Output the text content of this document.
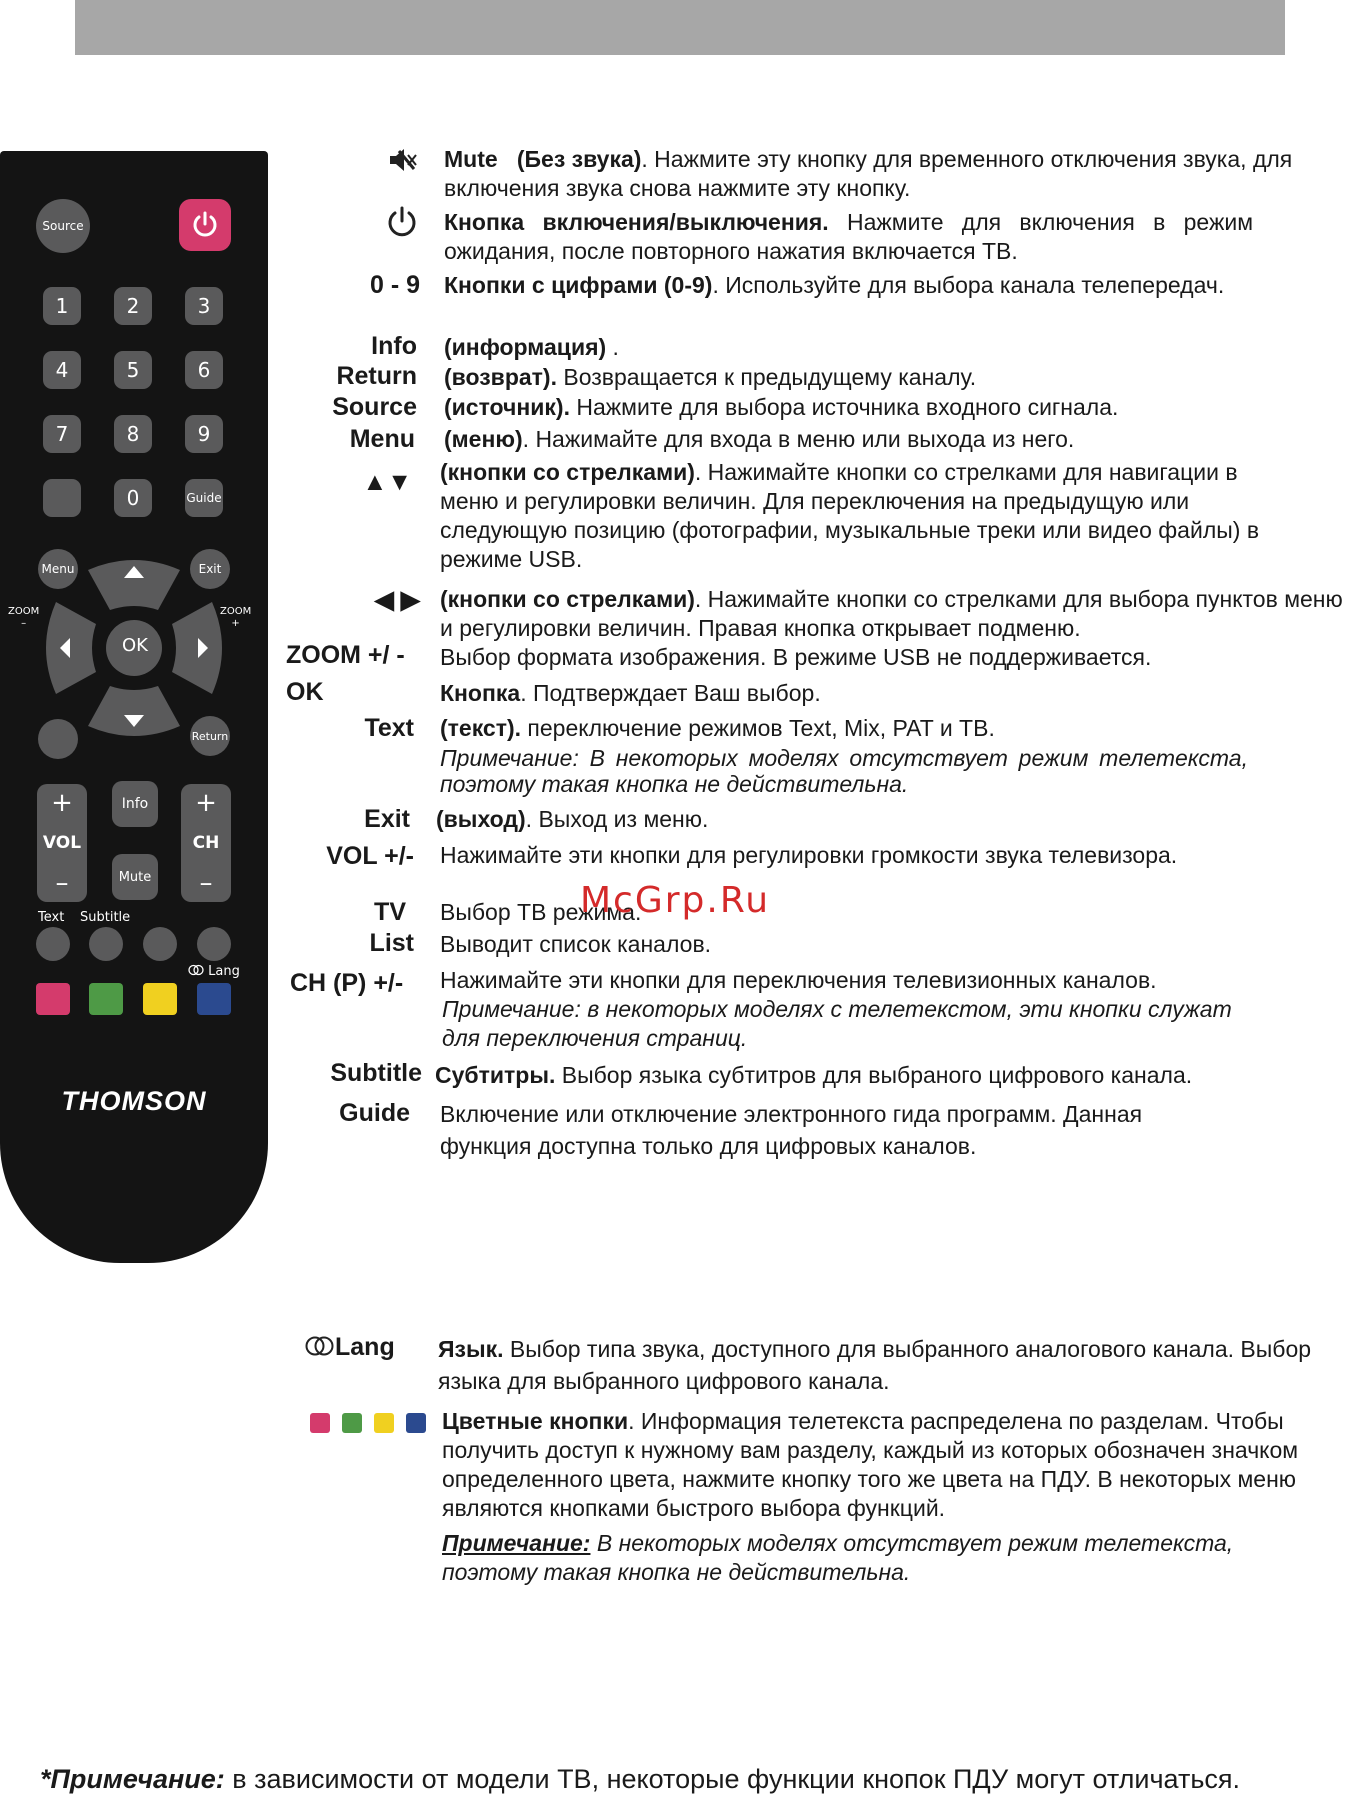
Source
1	2	3
4	5	6
7	8	9
0	Guide
Menu	Exit
ZOOM
–
ZOOM
+
OK
Return
+
VOL
–
Info
Mute
+
CH
–
Text Subtitle
Lang
THOMSON
Mute (Без звука). Нажмите эту кнопку для временного отключения звука, для включения звука снова нажмите эту кнопку.
Кнопка включения/выключения. Нажмите для включения в режим ожидания, после повторного нажатия включается ТВ.
0 - 9 Кнопки с цифрами (0-9). Используйте для выбора канала телепередач.
Info (информация) .
Return (возврат). Возвращается к предыдущему каналу.
Source (источник). Нажмите для выбора источника входного сигнала.
Menu (меню). Нажимайте для входа в меню или выхода из него.
▲▼ (кнопки со стрелками). Нажимайте кнопки со стрелками для навигации в меню и регулировки величин. Для переключения на предыдущую или следующую позицию (фотографии, музыкальные треки или видео файлы) в режиме USB.
◀ ▶ (кнопки со стрелками). Нажимайте кнопки со стрелками для выбора пунктов меню и регулировки величин. Правая кнопка открывает подменю.
ZOOM +/ -	Выбор формата изображения. В режиме USB не поддерживается.
OK	Кнопка. Подтверждает Ваш выбор.
Text (текст). переключение режимов Text, Mix, PAT и ТВ.
Примечание: В некоторых моделях отсутствует режим телетекста, поэтому такая кнопка не действительна.
Exit (выход). Выход из меню.
VOL +/- Нажимайте эти кнопки для регулировки громкости звука телевизора.
TV Выбор ТВ режима.
List Выводит список каналов.
CH (P) +/-	Нажимайте эти кнопки для переключения телевизионных каналов.
Примечание: в некоторых моделях с телетекстом, эти кнопки служат для переключения страниц.
Subtitle Субтитры. Выбор языка субтитров для выбраного цифрового канала.
Guide Включение или отключение электронного гида программ. Данная функция доступна только для цифровых каналов.
Lang	Язык. Выбор типа звука, доступного для выбранного аналогового канала. Выбор языка для выбранного цифрового канала.
Цветные кнопки. Информация телетекста распределена по разделам. Чтобы получить доступ к нужному вам разделу, каждый из которых обозначен значком определенного цвета, нажмите кнопку того же цвета на ПДУ. В некоторых меню являются кнопками быстрого выбора функций.
Примечание: В некоторых моделях отсутствует режим телетекста, поэтому такая кнопка не действительна.
McGrp.Ru
*Примечание: в зависимости от модели ТВ, некоторые функции кнопок ПДУ могут отличаться.
